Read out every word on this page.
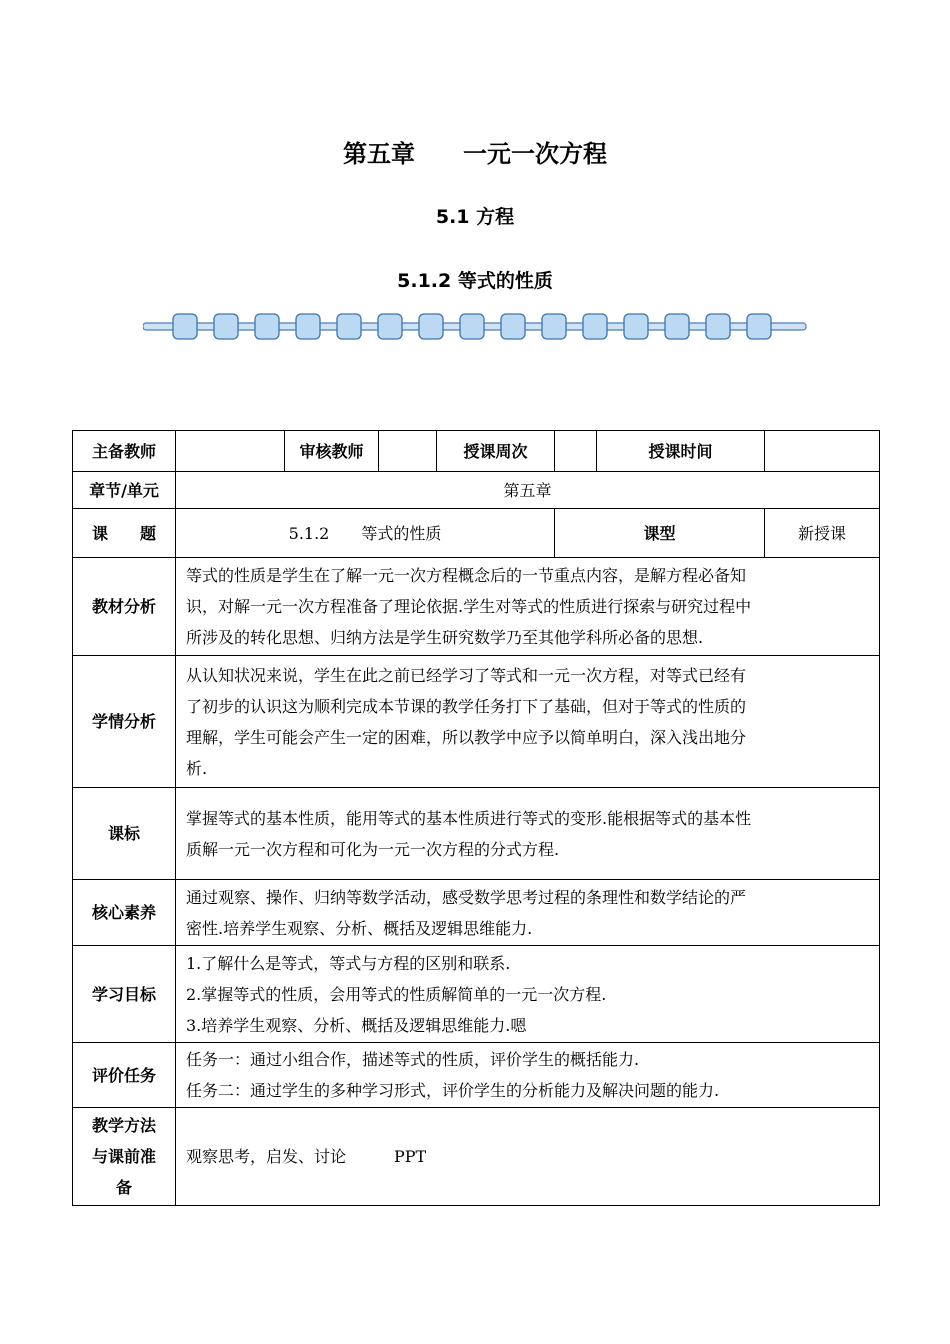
第五章 一元一次方程
5.1 方程
5.1.2 等式的性质
主备教师		审核教师		授课周次		授课时间	
章节/单元	第五章						
课　　题	5.1.2　　等式的性质				课型		新授课
教材分析	等式的性质是学生在了解一元一次方程概念后的一节重点内容，是解方程必备知
识，对解一元一次方程准备了理论依据.学生对等式的性质进行探索与研究过程中
所涉及的转化思想、归纳方法是学生研究数学乃至其他学科所必备的思想.						

学情分析	从认知状况来说，学生在此之前已经学习了等式和一元一次方程，对等式已经有
了初步的认识这为顺利完成本节课的教学任务打下了基础，但对于等式的性质的
理解，学生可能会产生一定的困难，所以教学中应予以简单明白，深入浅出地分
析.						

课标	掌握等式的基本性质，能用等式的基本性质进行等式的变形.能根据等式的基本性
质解一元一次方程和可化为一元一次方程的分式方程.						

核心素养	通过观察、操作、归纳等数学活动，感受数学思考过程的条理性和数学结论的严
密性.培养学生观察、分析、概括及逻辑思维能力.						

学习目标	1.了解什么是等式，等式与方程的区别和联系.
2.掌握等式的性质，会用等式的性质解简单的一元一次方程.
3.培养学生观察、分析、概括及逻辑思维能力.嗯						

评价任务	任务一：通过小组合作，描述等式的性质，评价学生的概括能力.
任务二：通过学生的多种学习形式，评价学生的分析能力及解决问题的能力.						

教学方法
与课前准
备	观察思考，启发、讨论　　　PPT						
